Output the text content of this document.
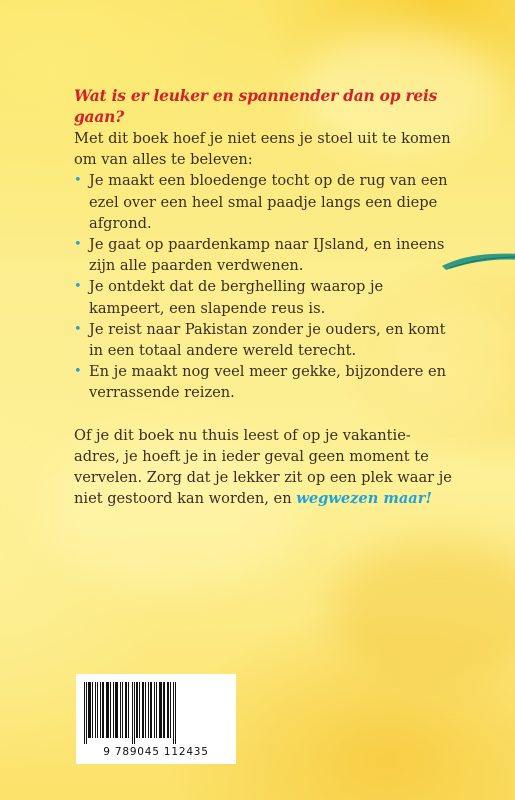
Wat is er leuker en spannender dan op reis gaan?

Met dit boek hoef je niet eens je stoel uit te komen om van alles te beleven:

• Je maakt een bloedenge tocht op de rug van een ezel over een heel smal paadje langs een diepe afgrond.
• Je gaat op paardenkamp naar IJsland, en ineens zijn alle paarden verdwenen.
• Je ontdekt dat de berghelling waarop je kampeert, een slapende reus is.
• Je reist naar Pakistan zonder je ouders, en komt in een totaal andere wereld terecht.
• En je maakt nog veel meer gekke, bijzondere en verrassende reizen.

Of je dit boek nu thuis leest of op je vakantie-adres, je hoeft je in ieder geval geen moment te vervelen. Zorg dat je lekker zit op een plek waar je niet gestoord kan worden, en wegwezen maar!

9 789045 112435
